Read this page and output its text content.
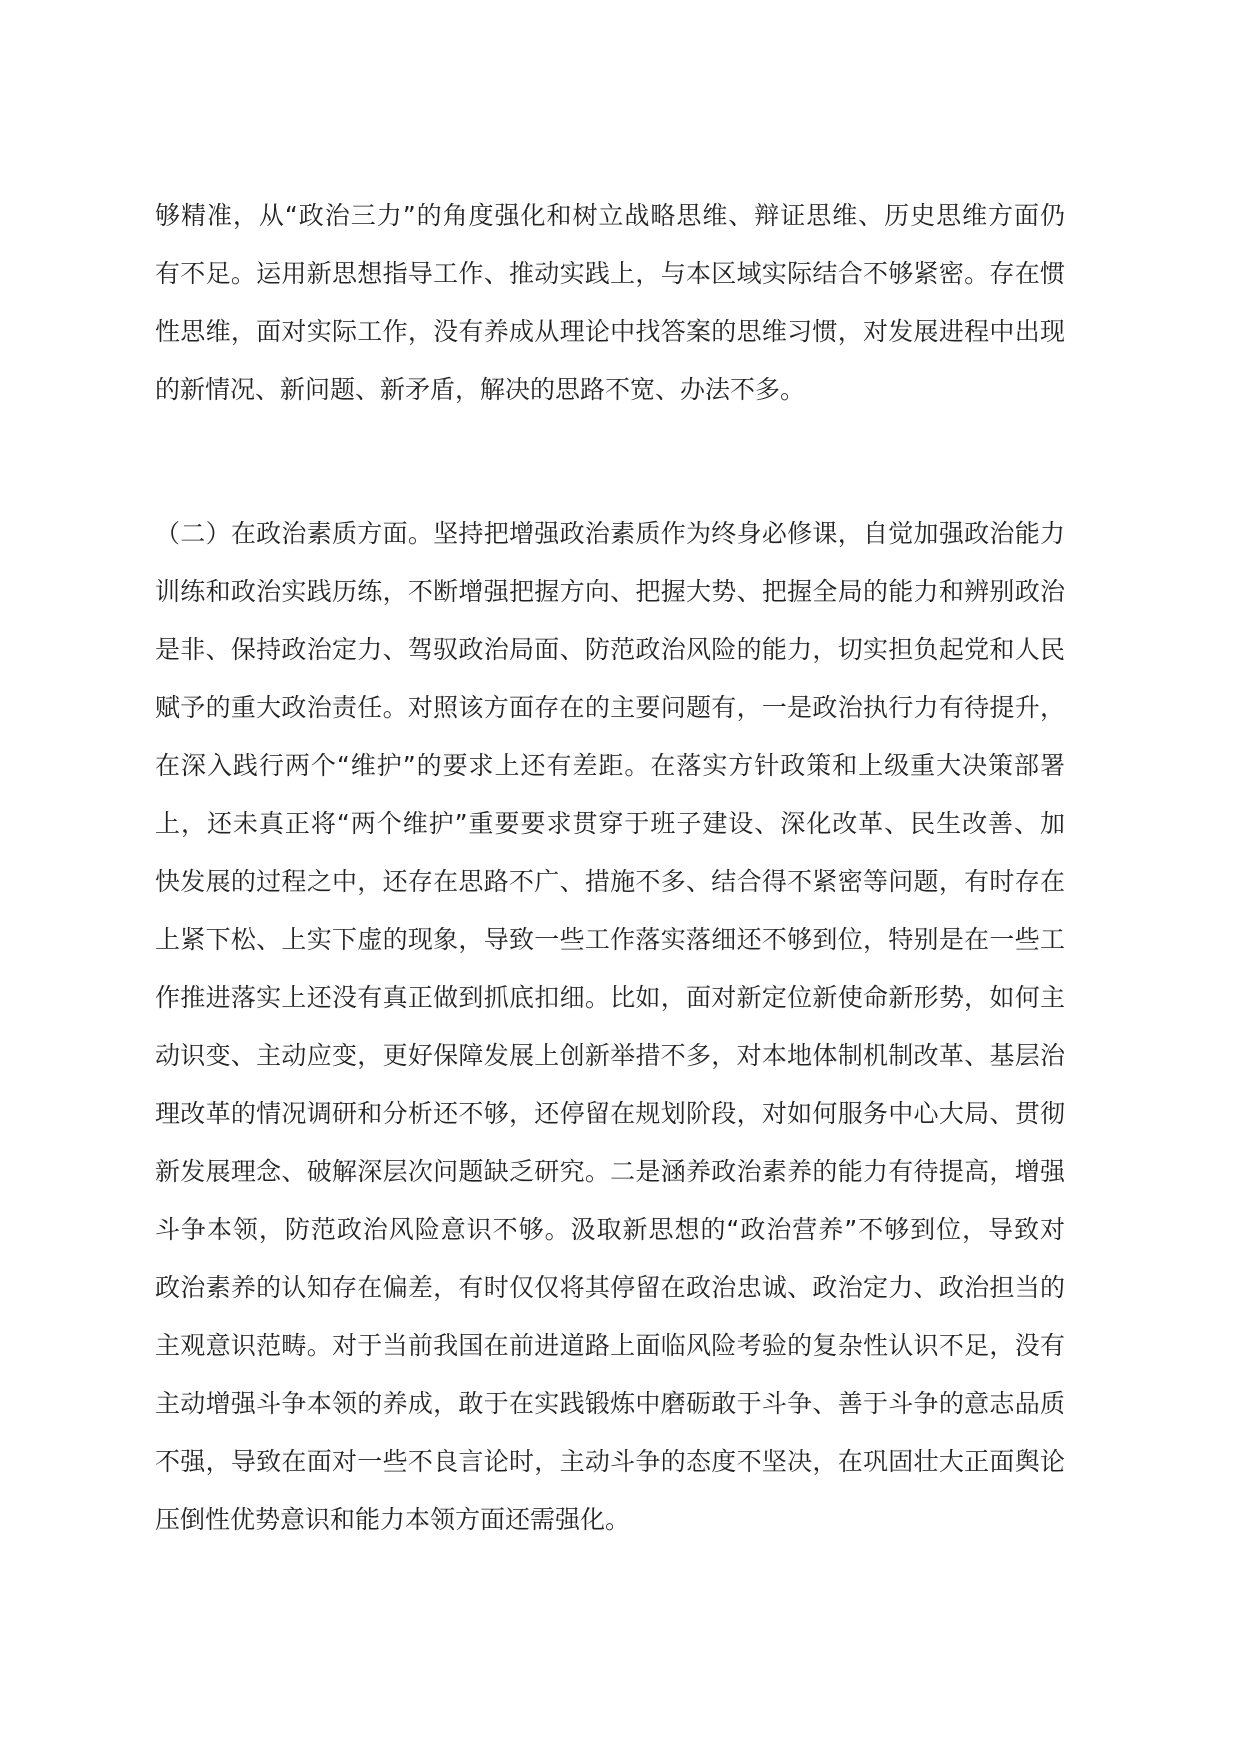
够精准，从“政治三力”的角度强化和树立战略思维、辩证思维、历史思维方面仍
有不足。运用新思想指导工作、推动实践上，与本区域实际结合不够紧密。存在惯
性思维，面对实际工作，没有养成从理论中找答案的思维习惯，对发展进程中出现
的新情况、新问题、新矛盾，解决的思路不宽、办法不多。
（二）在政治素质方面。坚持把增强政治素质作为终身必修课，自觉加强政治能力
训练和政治实践历练，不断增强把握方向、把握大势、把握全局的能力和辨别政治
是非、保持政治定力、驾驭政治局面、防范政治风险的能力，切实担负起党和人民
赋予的重大政治责任。对照该方面存在的主要问题有，一是政治执行力有待提升，
在深入践行两个“维护”的要求上还有差距。在落实方针政策和上级重大决策部署
上，还未真正将“两个维护”重要要求贯穿于班子建设、深化改革、民生改善、加
快发展的过程之中，还存在思路不广、措施不多、结合得不紧密等问题，有时存在
上紧下松、上实下虚的现象，导致一些工作落实落细还不够到位，特别是在一些工
作推进落实上还没有真正做到抓底扣细。比如，面对新定位新使命新形势，如何主
动识变、主动应变，更好保障发展上创新举措不多，对本地体制机制改革、基层治
理改革的情况调研和分析还不够，还停留在规划阶段，对如何服务中心大局、贯彻
新发展理念、破解深层次问题缺乏研究。二是涵养政治素养的能力有待提高，增强
斗争本领，防范政治风险意识不够。汲取新思想的“政治营养”不够到位，导致对
政治素养的认知存在偏差，有时仅仅将其停留在政治忠诚、政治定力、政治担当的
主观意识范畴。对于当前我国在前进道路上面临风险考验的复杂性认识不足，没有
主动增强斗争本领的养成，敢于在实践锻炼中磨砺敢于斗争、善于斗争的意志品质
不强，导致在面对一些不良言论时，主动斗争的态度不坚决，在巩固壮大正面舆论
压倒性优势意识和能力本领方面还需强化。
